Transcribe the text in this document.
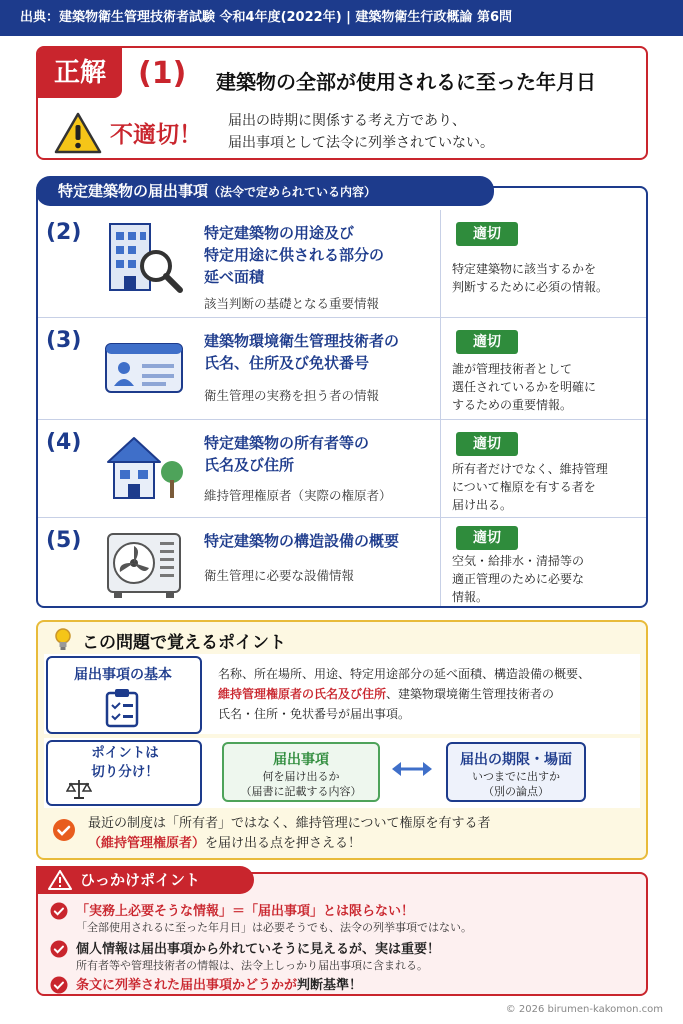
出典：建築物衛生管理技術者試験 令和4年度(2022年) | 建築物衛生行政概論 第6問
正解	(1) 建築物の全部が使用されるに至った年月日
不適切！
届出の時期に関係する考え方であり、
届出事項として法令に列挙されていない。
特定建築物の届出事項（法令で定められている内容）
(2)	特定建築物の用途及び
特定用途に供される部分の
延べ面積
該当判断の基礎となる重要情報
適切
特定建築物に該当するかを
判断するために必須の情報。
(3)	建築物環境衛生管理技術者の
氏名、住所及び免状番号
衛生管理の実務を担う者の情報
適切
誰が管理技術者として
選任されているかを明確に
するための重要情報。
(4)	特定建築物の所有者等の
氏名及び住所
維持管理権原者（実際の権原者）
適切
所有者だけでなく、維持管理
について権原を有する者を
届け出る。
(5)	特定建築物の構造設備の概要
衛生管理に必要な設備情報
適切
空気・給排水・清掃等の
適正管理のために必要な
情報。
この問題で覚えるポイント
届出事項の基本	名称、所在場所、用途、特定用途部分の延べ面積、構造設備の概要、
維持管理権原者の氏名及び住所、建築物環境衛生管理技術者の
氏名・住所・免状番号が届出事項。
ポイントは
切り分け！
届出事項
何を届け出るか
（届書に記載する内容）
届出の期限・場面
いつまでに出すか
（別の論点）
最近の制度は「所有者」ではなく、維持管理について権原を有する者
（維持管理権原者）を届け出る点を押さえる！
ひっかけポイント
「実務上必要そうな情報」＝「届出事項」とは限らない！
「全部使用されるに至った年月日」は必要そうでも、法令の列挙事項ではない。
個人情報は届出事項から外れていそうに見えるが、実は重要！
所有者等や管理技術者の情報は、法令上しっかり届出事項に含まれる。
条文に列挙された届出事項かどうかが判断基準！
© 2026 birumen-kakomon.com
